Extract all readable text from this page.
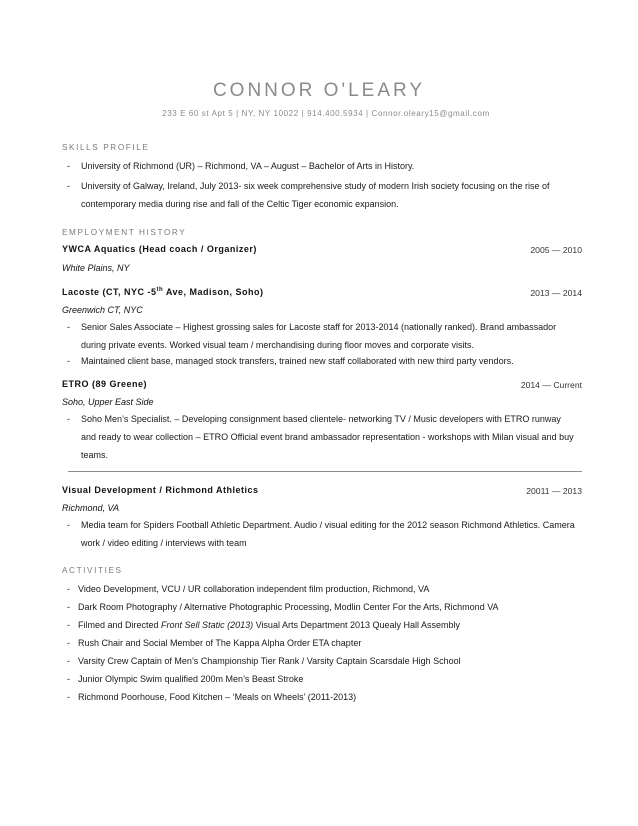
CONNOR O'LEARY
233 E 60 st Apt 5 | NY, NY 10022 | 914.400.5934 | Connor.oleary15@gmail.com
SKILLS PROFILE
-	University of Richmond (UR) – Richmond, VA – August – Bachelor of Arts in History.
-	University of Galway, Ireland, July 2013- six week comprehensive study of modern Irish society focusing on the rise of contemporary media during rise and fall of the Celtic Tiger economic expansion.
EMPLOYMENT HISTORY
YWCA Aquatics (Head coach / Organizer)	2005 — 2010
White Plains, NY
Lacoste (CT, NYC -5th Ave, Madison, Soho)	2013 — 2014
Greenwich CT, NYC
-	Senior Sales Associate – Highest grossing sales for Lacoste staff for 2013-2014 (nationally ranked). Brand ambassador during private events. Worked visual team / merchandising during floor moves and corporate visits.
-	Maintained client base, managed stock transfers, trained new staff collaborated with new third party vendors.
ETRO (89 Greene)	2014 — Current
Soho, Upper East Side
-	Soho Men’s Specialist. – Developing consignment based clientele- networking TV / Music developers with ETRO runway and ready to wear collection – ETRO Official event brand ambassador representation - workshops with Milan visual and buy teams.
Visual Development / Richmond Athletics	20011 — 2013
Richmond, VA
-	Media team for Spiders Football Athletic Department. Audio / visual editing for the 2012 season Richmond Athletics. Camera work / video editing / interviews with team
ACTIVITIES
- Video Development, VCU / UR collaboration independent film production, Richmond, VA
- Dark Room Photography / Alternative Photographic Processing, Modlin Center For the Arts, Richmond VA
- Filmed and Directed Front Sell Static (2013) Visual Arts Department 2013 Quealy Hall Assembly
- Rush Chair and Social Member of The Kappa Alpha Order ETA chapter
- Varsity Crew Captain of Men’s Championship Tier Rank / Varsity Captain Scarsdale High School
- Junior Olympic Swim qualified 200m Men’s Beast Stroke
- Richmond Poorhouse, Food Kitchen – ‘Meals on Wheels’ (2011-2013)
